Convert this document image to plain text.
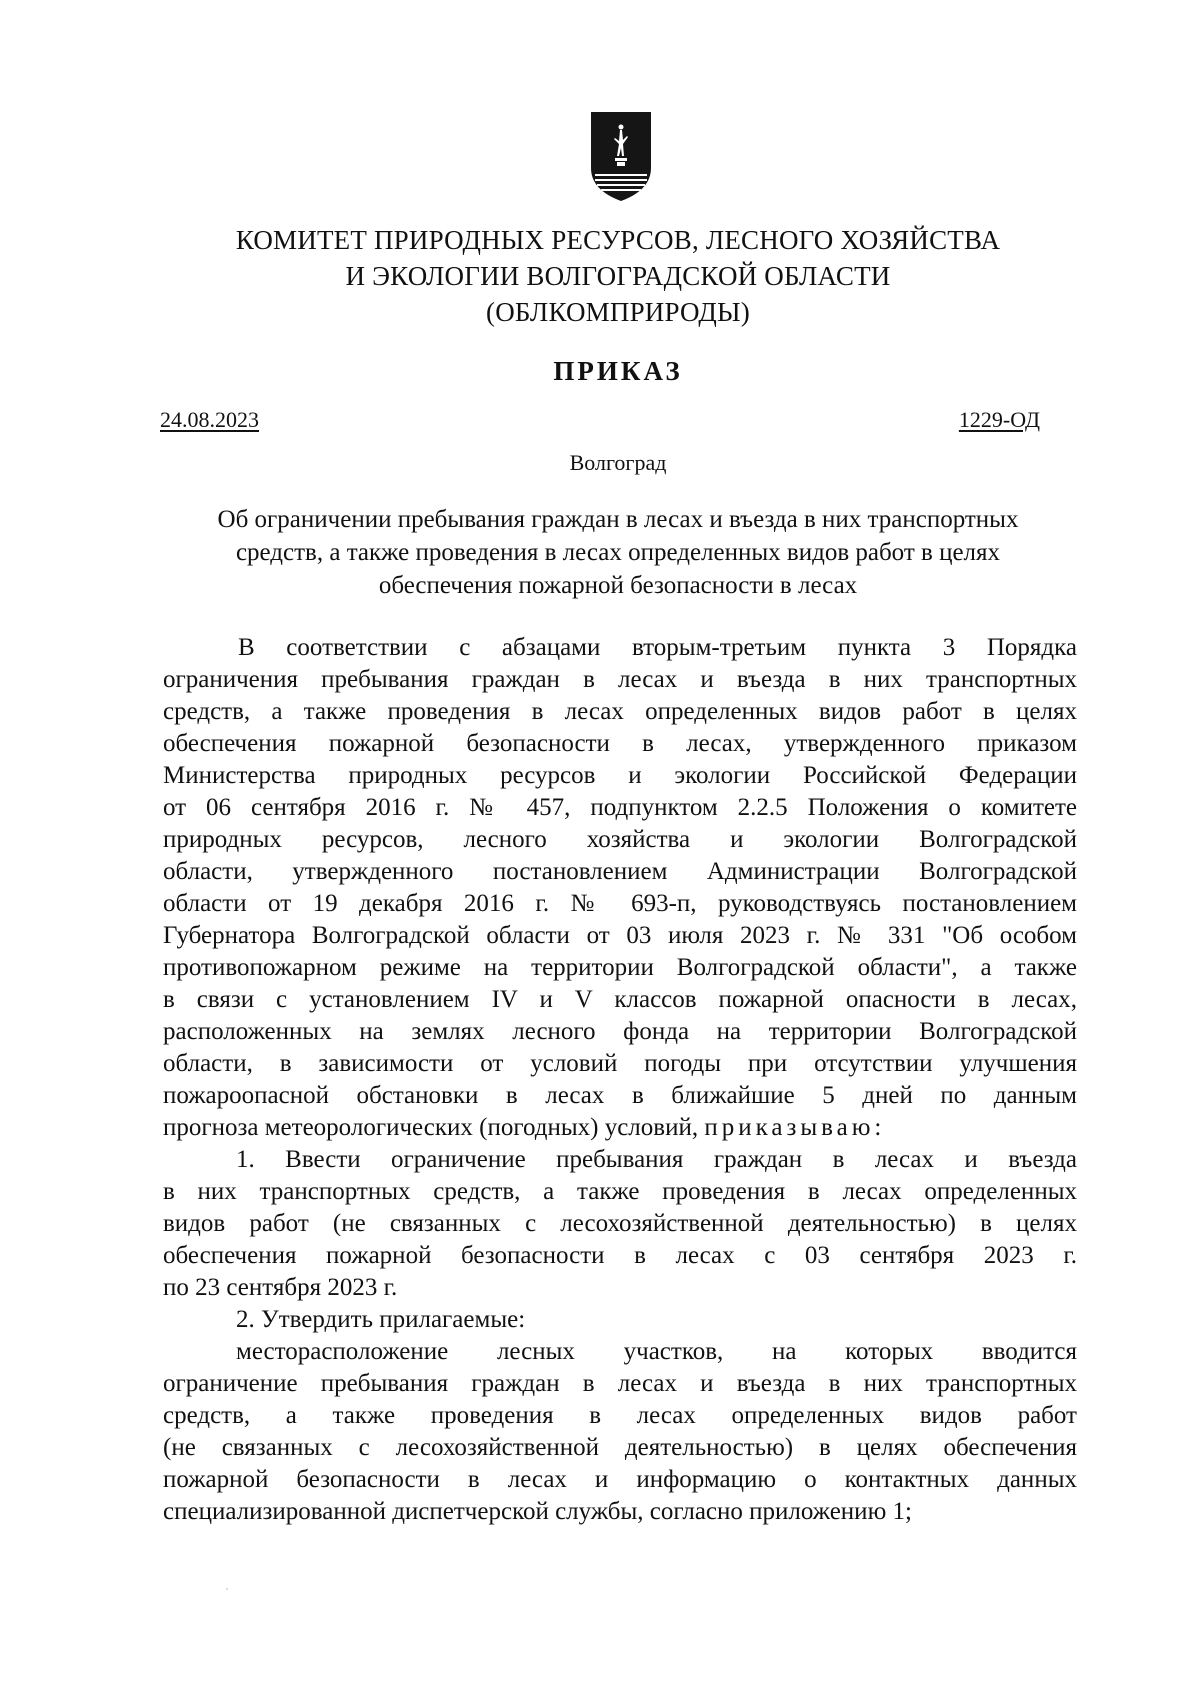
КОМИТЕТ ПРИРОДНЫХ РЕСУРСОВ, ЛЕСНОГО ХОЗЯЙСТВА
И ЭКОЛОГИИ ВОЛГОГРАДСКОЙ ОБЛАСТИ
(ОБЛКОМПРИРОДЫ)
ПРИКАЗ
24.08.2023	1229-ОД
Волгоград
Об ограничении пребывания граждан в лесах и въезда в них транспортных
средств, а также проведения в лесах определенных видов работ в целях
обеспечения пожарной безопасности в лесах
В соответствии с абзацами вторым-третьим пункта 3 Порядка
ограничения пребывания граждан в лесах и въезда в них транспортных
средств, а также проведения в лесах определенных видов работ в целях
обеспечения пожарной безопасности в лесах, утвержденного приказом
Министерства природных ресурсов и экологии Российской Федерации
от 06 сентября 2016 г. № 457, подпунктом 2.2.5 Положения о комитете
природных ресурсов, лесного хозяйства и экологии Волгоградской
области, утвержденного постановлением Администрации Волгоградской
области от 19 декабря 2016 г. № 693-п, руководствуясь постановлением
Губернатора Волгоградской области от 03 июля 2023 г. № 331 "Об особом
противопожарном режиме на территории Волгоградской области", а также
в связи с установлением IV и V классов пожарной опасности в лесах,
расположенных на землях лесного фонда на территории Волгоградской
области, в зависимости от условий погоды при отсутствии улучшения
пожароопасной обстановки в лесах в ближайшие 5 дней по данным
прогноза метеорологических (погодных) условий, приказываю:
1. Ввести ограничение пребывания граждан в лесах и въезда
в них транспортных средств, а также проведения в лесах определенных
видов работ (не связанных с лесохозяйственной деятельностью) в целях
обеспечения пожарной безопасности в лесах с 03 сентября 2023 г.
по 23 сентября 2023 г.
2. Утвердить прилагаемые:
месторасположение лесных участков, на которых вводится
ограничение пребывания граждан в лесах и въезда в них транспортных
средств, а также проведения в лесах определенных видов работ
(не связанных с лесохозяйственной деятельностью) в целях обеспечения
пожарной безопасности в лесах и информацию о контактных данных
специализированной диспетчерской службы, согласно приложению 1;
